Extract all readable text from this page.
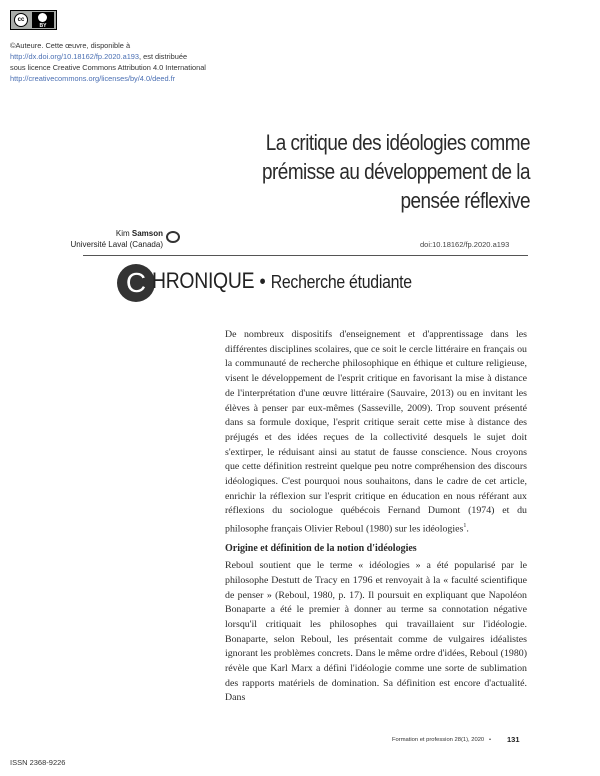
cc
BY
©Auteure. Cette œuvre, disponible à
http://dx.doi.org/10.18162/fp.2020.a193, est distribuée
sous licence Creative Commons Attribution 4.0 International
http://creativecommons.org/licenses/by/4.0/deed.fr
La critique des idéologies comme
prémisse au développement de la
pensée réflexive
Kim Samson
Université Laval (Canada)	doi:10.18162/fp.2020.a193
C HRONIQUE • Recherche étudiante

De nombreux dispositifs d'enseignement et d'apprentissage dans les différentes disciplines scolaires, que ce soit le cercle littéraire en français ou la communauté de recherche philosophique en éthique et culture religieuse, visent le développement de l'esprit critique en favorisant la mise à distance de l'interprétation d'une œuvre littéraire (Sauvaire, 2013) ou en invitant les élèves à penser par eux-mêmes (Sasseville, 2009). Trop souvent présenté dans sa formule doxique, l'esprit critique serait cette mise à distance des préjugés et des idées reçues de la collectivité desquels le sujet doit s'extirper, le réduisant ainsi au statut de fausse conscience. Nous croyons que cette définition restreint quelque peu notre compréhension des discours idéologiques. C'est pourquoi nous souhaitons, dans le cadre de cet article, enrichir la réflexion sur l'esprit critique en éducation en nous référant aux réflexions du sociologue québécois Fernand Dumont (1974) et du philosophe français Olivier Reboul (1980) sur les idéologies$^1$.

Origine et définition de la notion d'idéologies

Reboul soutient que le terme « idéologies » a été popularisé par le philosophe Destutt de Tracy en 1796 et renvoyait à la « faculté scientifique de penser » (Reboul, 1980, p. 17). Il poursuit en expliquant que Napoléon Bonaparte a été le premier à donner au terme sa connotation négative lorsqu'il critiquait les philosophes qui travaillaient sur l'idéologie. Bonaparte, selon Reboul, les présentait comme de vulgaires idéalistes ignorant les problèmes concrets. Dans le même ordre d'idées, Reboul (1980) révèle que Karl Marx a défini l'idéologie comme une sorte de sublimation des rapports matériels de domination. Sa définition est encore d'actualité. Dans

Formation et profession 28(1), 2020 • 131
ISSN 2368-9226
